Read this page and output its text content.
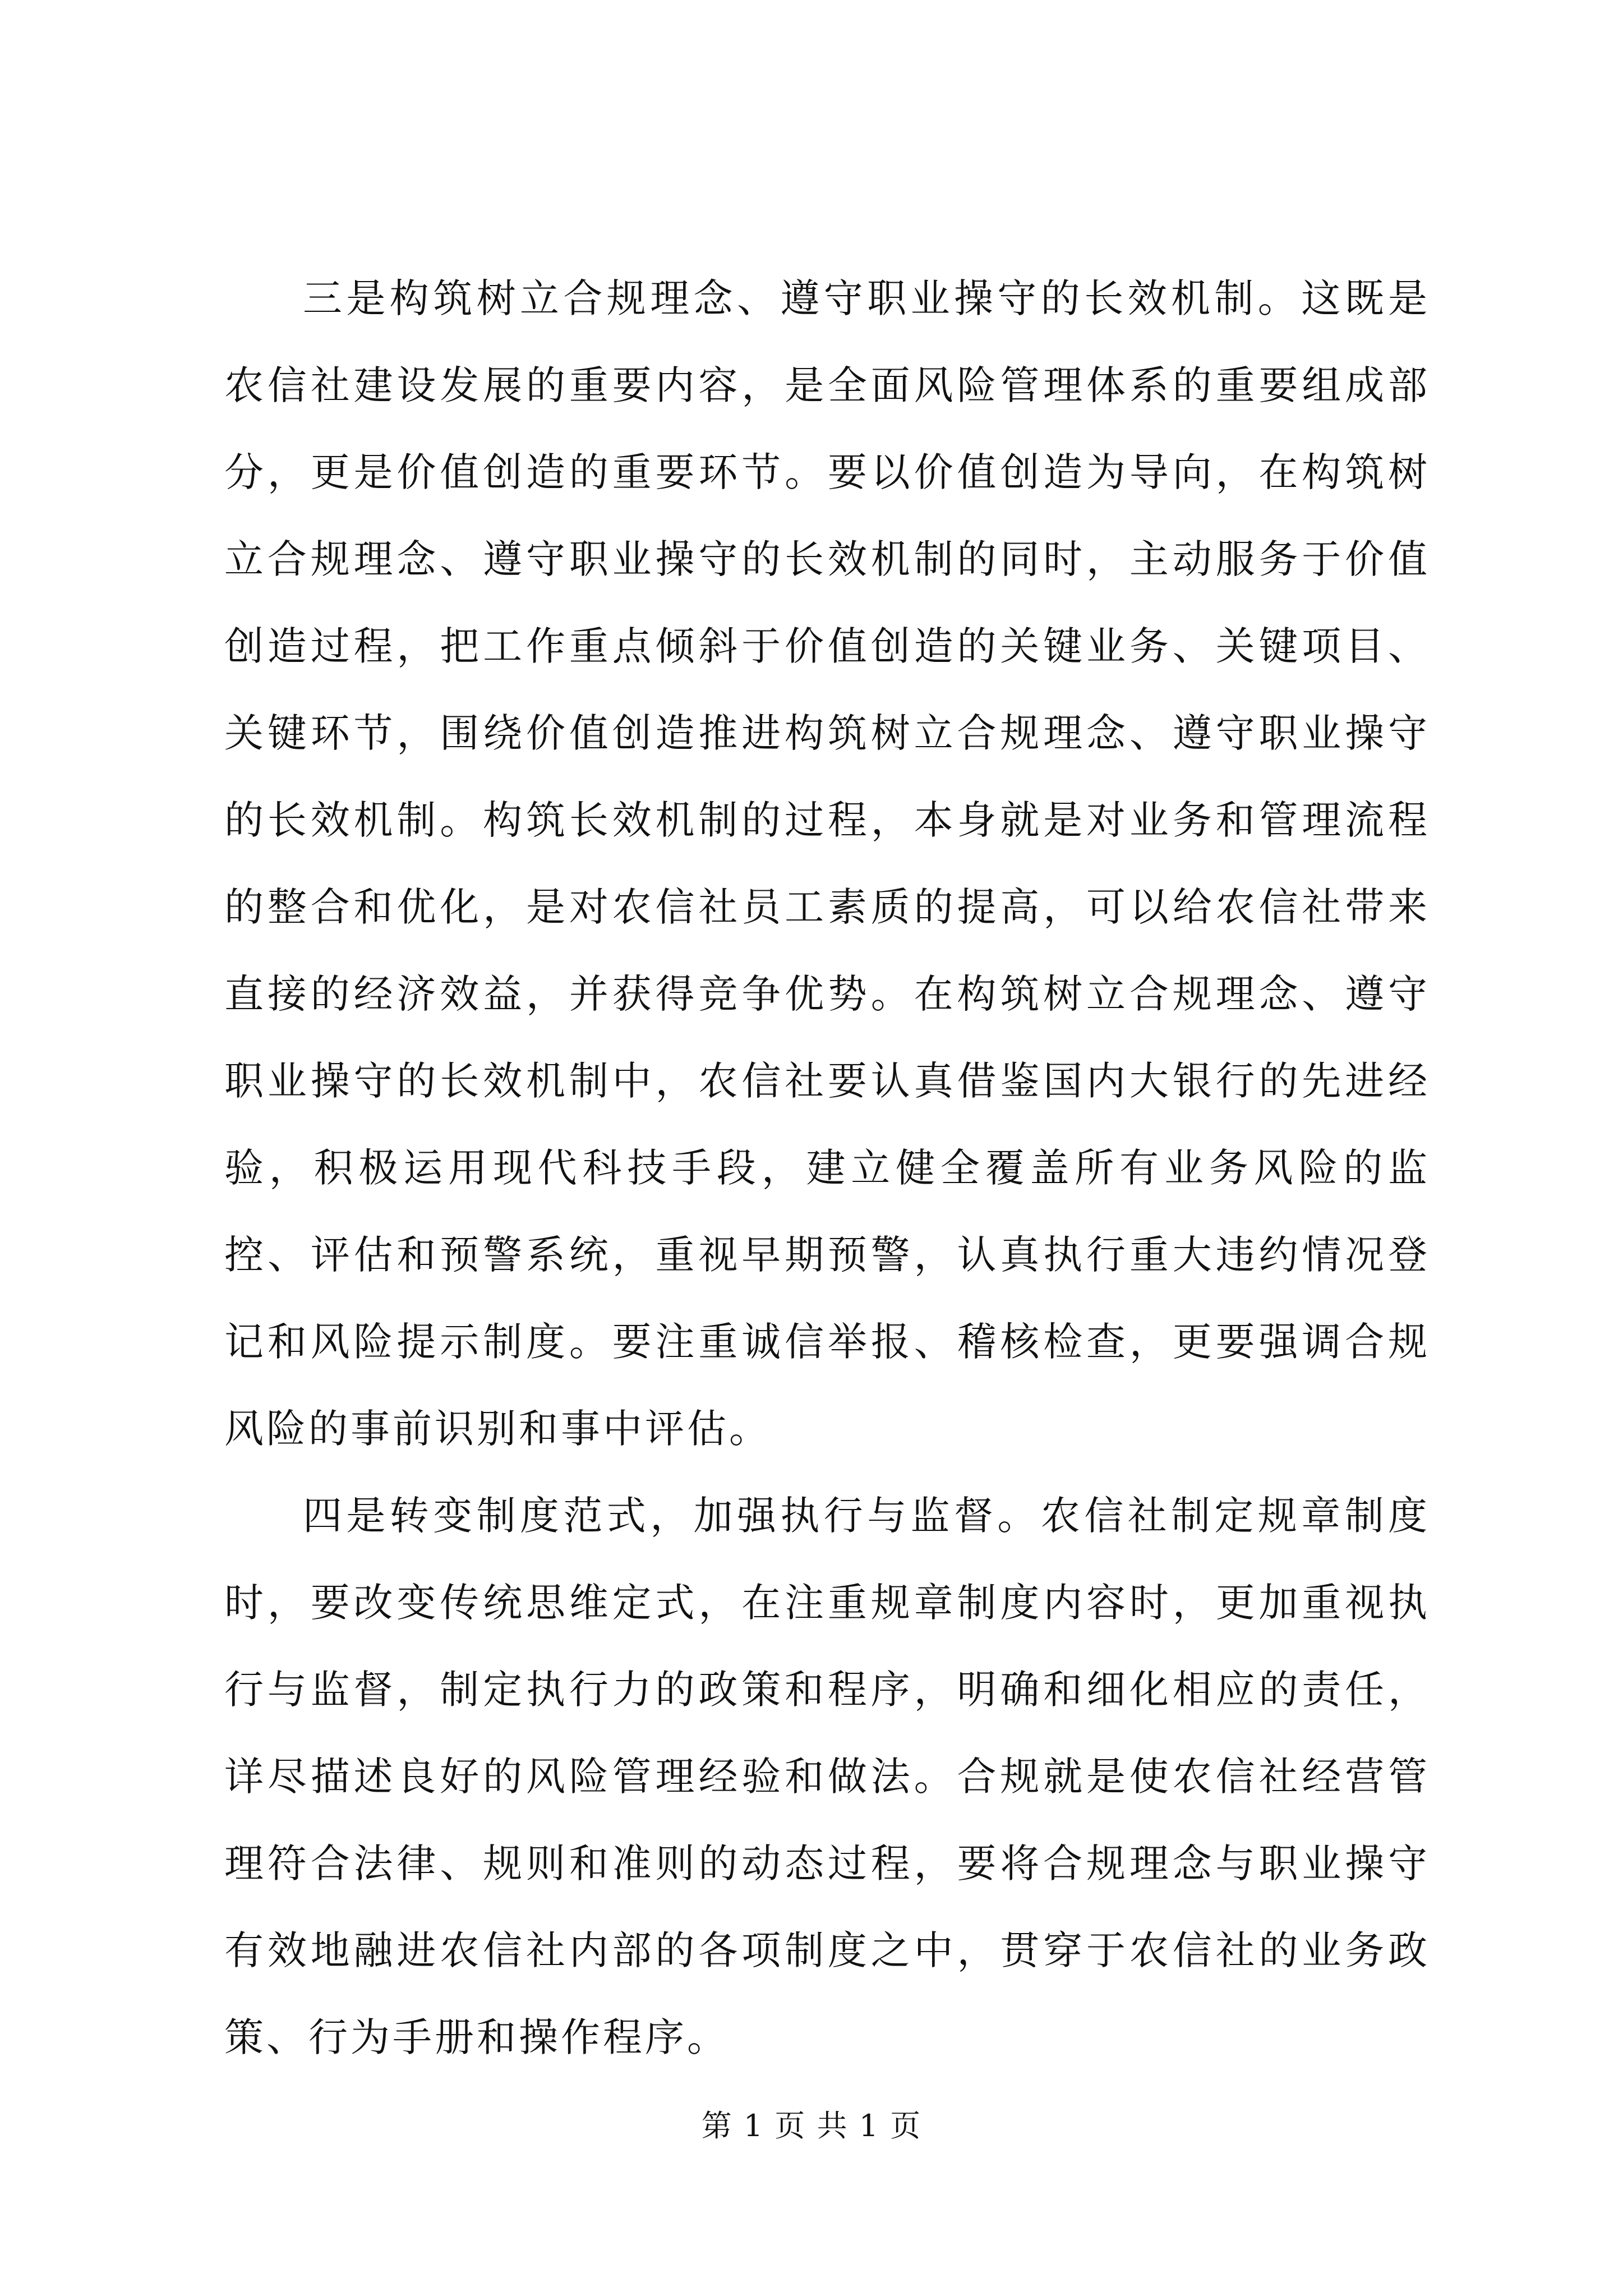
三是构筑树立合规理念、遵守职业操守的长效机制。这既是农信社建设发展的重要内容，是全面风险管理体系的重要组成部分，更是价值创造的重要环节。要以价值创造为导向，在构筑树立合规理念、遵守职业操守的长效机制的同时，主动服务于价值创造过程，把工作重点倾斜于价值创造的关键业务、关键项目、关键环节，围绕价值创造推进构筑树立合规理念、遵守职业操守的长效机制。构筑长效机制的过程，本身就是对业务和管理流程的整合和优化，是对农信社员工素质的提高，可以给农信社带来直接的经济效益，并获得竞争优势。在构筑树立合规理念、遵守职业操守的长效机制中，农信社要认真借鉴国内大银行的先进经验，积极运用现代科技手段，建立健全覆盖所有业务风险的监控、评估和预警系统，重视早期预警，认真执行重大违约情况登记和风险提示制度。要注重诚信举报、稽核检查，更要强调合规风险的事前识别和事中评估。

四是转变制度范式，加强执行与监督。农信社制定规章制度时，要改变传统思维定式，在注重规章制度内容时，更加重视执行与监督，制定执行力的政策和程序，明确和细化相应的责任，详尽描述良好的风险管理经验和做法。合规就是使农信社经营管理符合法律、规则和准则的动态过程，要将合规理念与职业操守有效地融进农信社内部的各项制度之中，贯穿于农信社的业务政策、行为手册和操作程序。

第 1 页 共 1 页
